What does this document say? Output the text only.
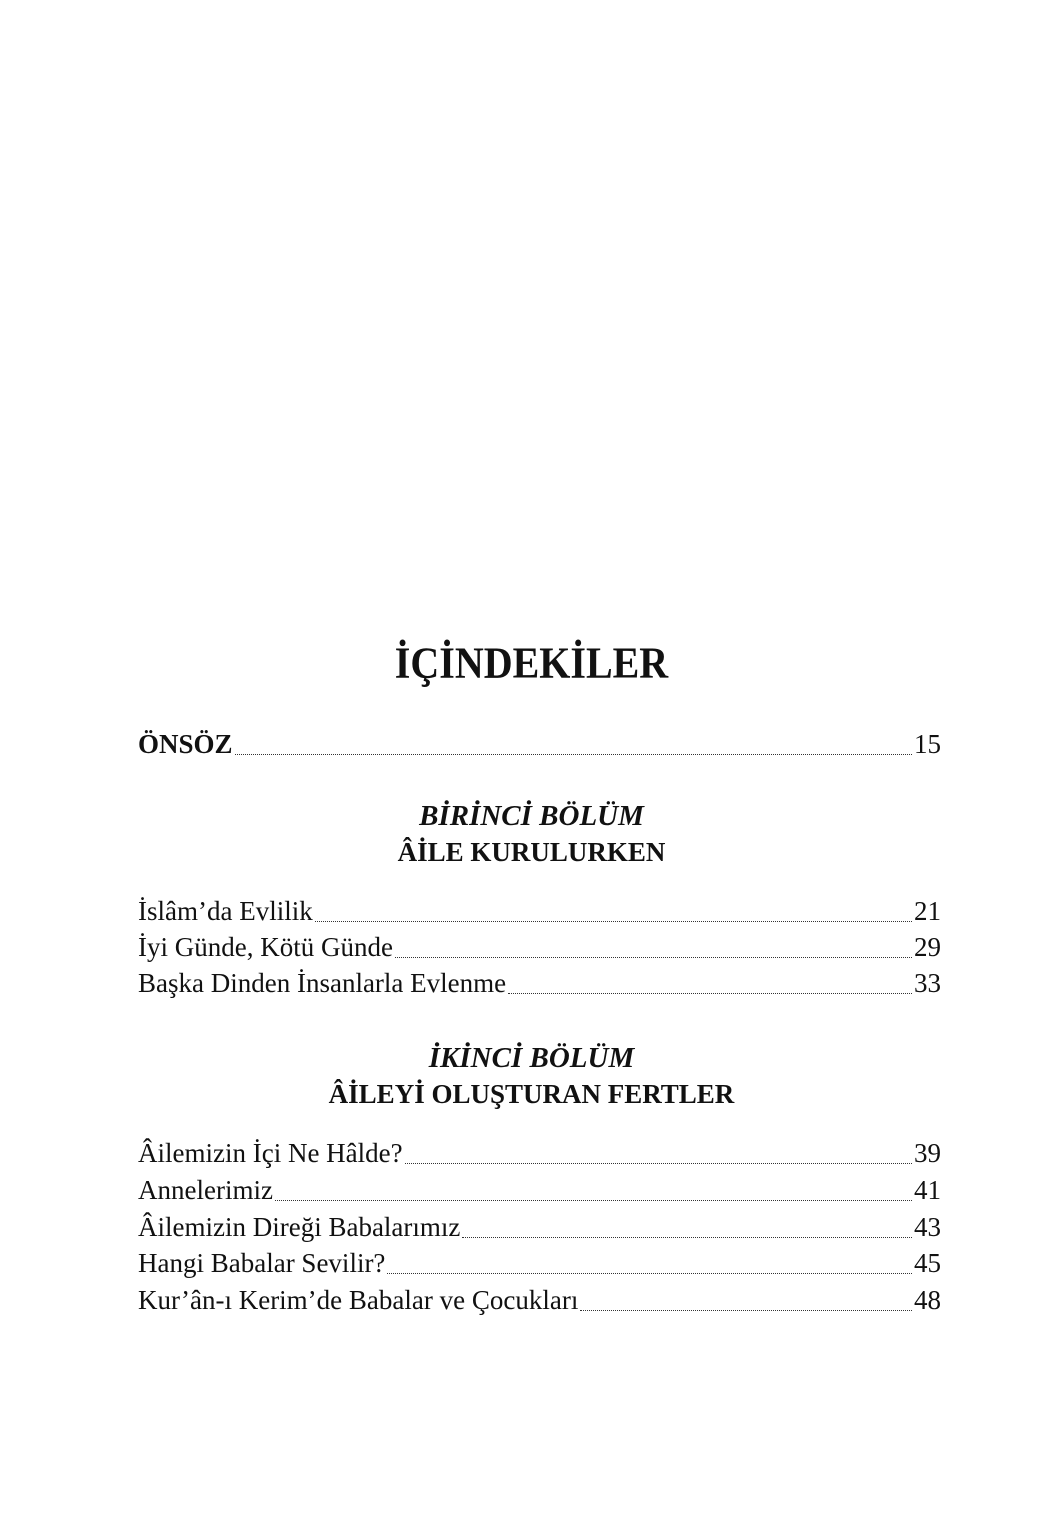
İÇİNDEKİLER
ÖNSÖZ	15
BİRİNCİ BÖLÜM
ÂİLE KURULURKEN
İslâm’da Evlilik	21
İyi Günde, Kötü Günde	29
Başka Dinden İnsanlarla Evlenme	33
İKİNCİ BÖLÜM
ÂİLEYİ OLUŞTURAN FERTLER
Âilemizin İçi Ne Hâlde?	39
Annelerimiz	41
Âilemizin Direği Babalarımız	43
Hangi Babalar Sevilir?	45
Kur’ân-ı Kerim’de Babalar ve Çocukları	48
